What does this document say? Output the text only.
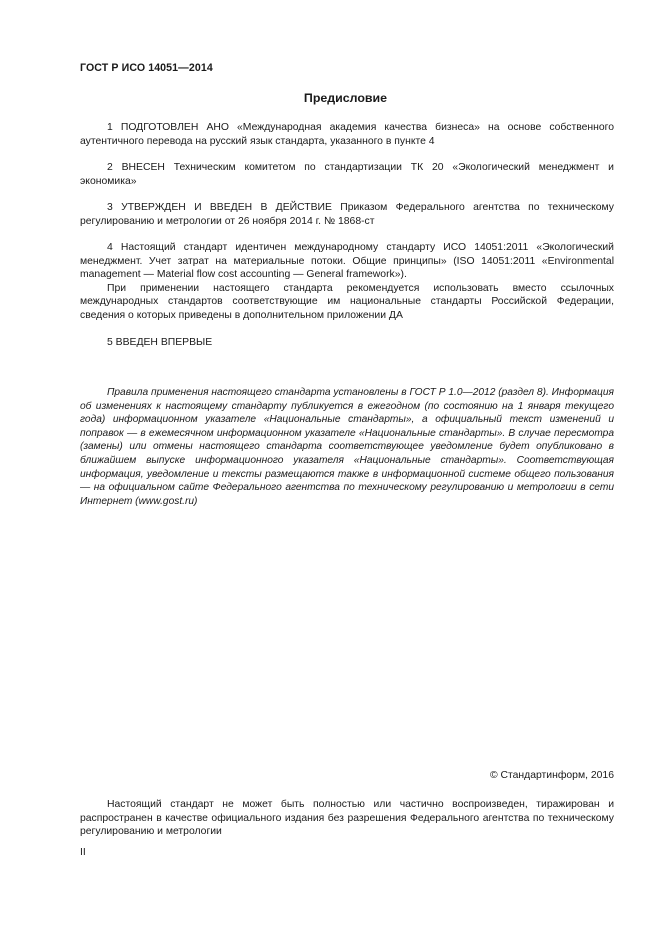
ГОСТ Р ИСО 14051—2014
Предисловие

1 ПОДГОТОВЛЕН АНО «Международная академия качества бизнеса» на основе собственного аутентичного перевода на русский язык стандарта, указанного в пункте 4

2 ВНЕСЕН Техническим комитетом по стандартизации ТК 20 «Экологический менеджмент и экономика»

3 УТВЕРЖДЕН И ВВЕДЕН В ДЕЙСТВИЕ Приказом Федерального агентства по техническому регулированию и метрологии от 26 ноября 2014 г. № 1868-ст

4 Настоящий стандарт идентичен международному стандарту ИСО 14051:2011 «Экологический менеджмент. Учет затрат на материальные потоки. Общие принципы» (ISO 14051:2011 «Environmental management — Material flow cost accounting — General framework»).

При применении настоящего стандарта рекомендуется использовать вместо ссылочных международных стандартов соответствующие им национальные стандарты Российской Федерации, сведения о которых приведены в дополнительном приложении ДА

5 ВВЕДЕН ВПЕРВЫЕ

Правила применения настоящего стандарта установлены в ГОСТ Р 1.0—2012 (раздел 8). Информация об изменениях к настоящему стандарту публикуется в ежегодном (по состоянию на 1 января текущего года) информационном указателе «Национальные стандарты», а официальный текст изменений и поправок — в ежемесячном информационном указателе «Национальные стандарты». В случае пересмотра (замены) или отмены настоящего стандарта соответствующее уведомление будет опубликовано в ближайшем выпуске информационного указателя «Национальные стандарты». Соответствующая информация, уведомление и тексты размещаются также в информационной системе общего пользования — на официальном сайте Федерального агентства по техническому регулированию и метрологии в сети Интернет (www.gost.ru)

© Стандартинформ, 2016

Настоящий стандарт не может быть полностью или частично воспроизведен, тиражирован и распространен в качестве официального издания без разрешения Федерального агентства по техническому регулированию и метрологии

II
